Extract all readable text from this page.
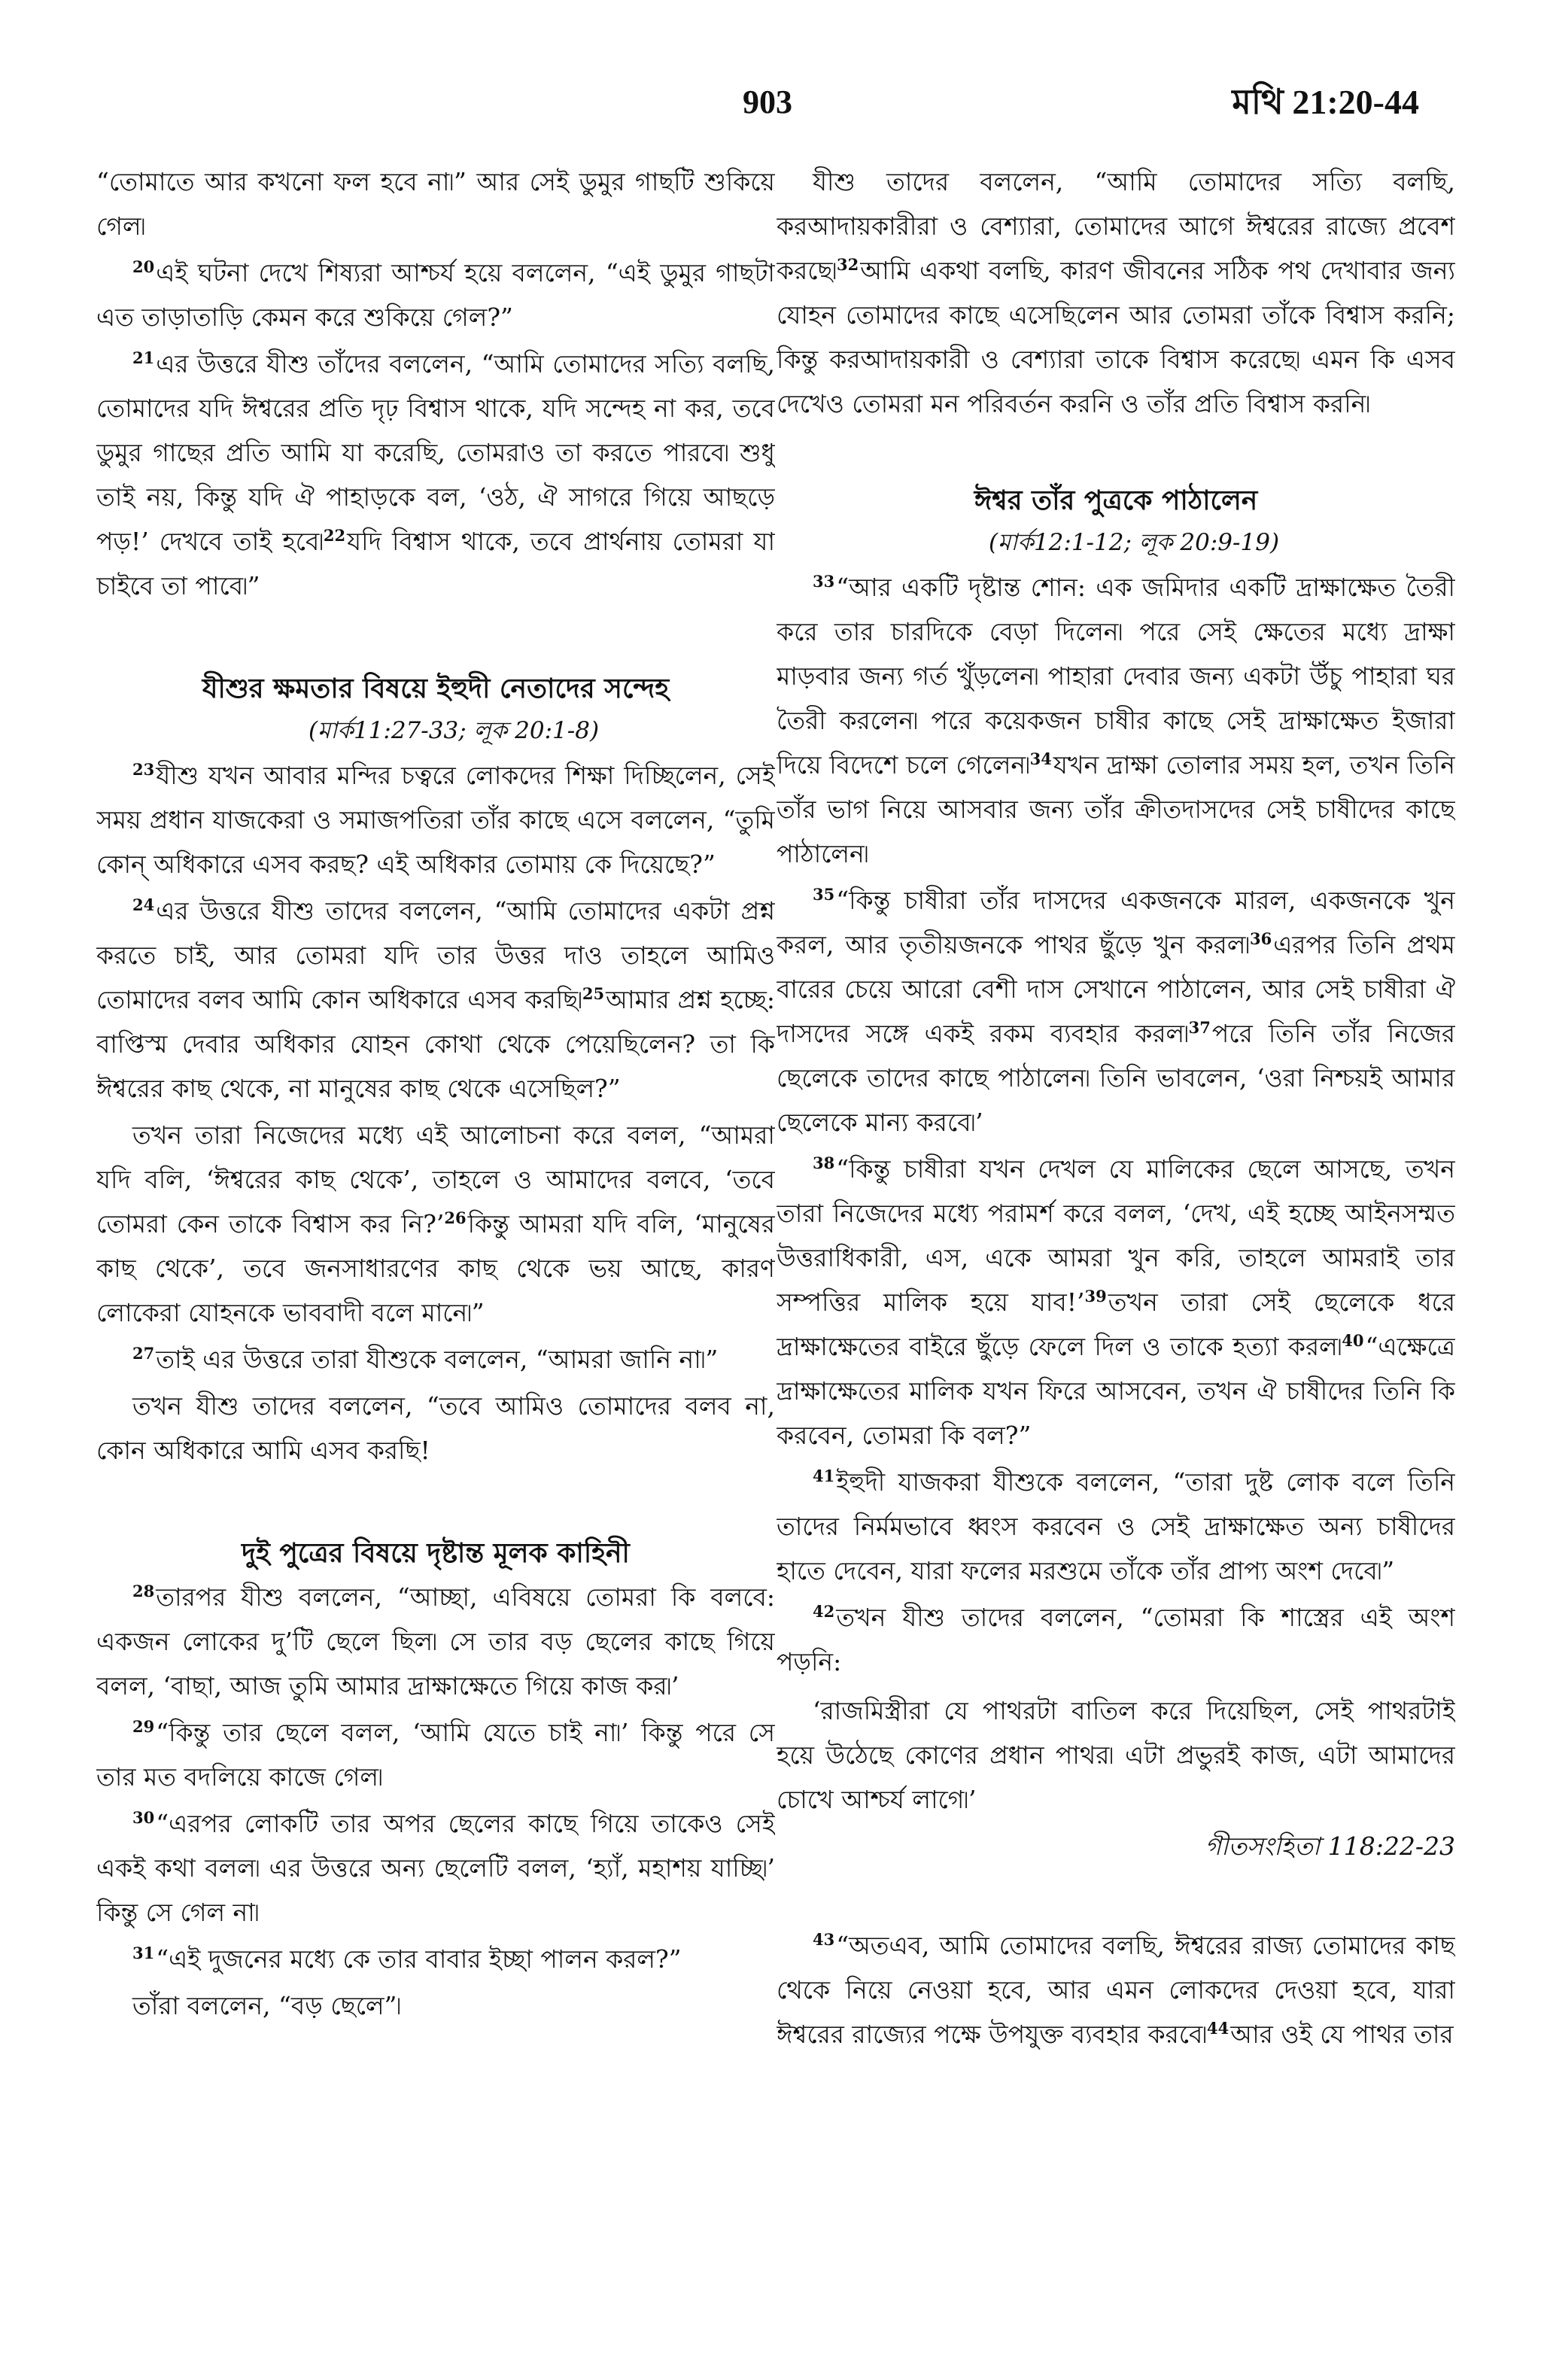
903	মথি 21:20-44

“তোমাতে আর কখনো ফল হবে না৷” আর সেই ডুমুর গাছটি শুকিয়ে গেল৷

$^{20}$এই ঘটনা দেখে শিষ্যরা আশ্চর্য হয়ে বললেন, “এই ডুমুর গাছটা এত তাড়াতাড়ি কেমন করে শুকিয়ে গেল?”

$^{21}$এর উত্তরে যীশু তাঁদের বললেন, “আমি তোমাদের সত্যি বলছি, তোমাদের যদি ঈশ্বরের প্রতি দৃঢ় বিশ্বাস থাকে, যদি সন্দেহ না কর, তবে ডুমুর গাছের প্রতি আমি যা করেছি, তোমরাও তা করতে পারবে৷ শুধু তাই নয়, কিন্তু যদি ঐ পাহাড়কে বল, ‘ওঠ, ঐ সাগরে গিয়ে আছড়ে পড়!’ দেখবে তাই হবে৷$^{22}$যদি বিশ্বাস থাকে, তবে প্রার্থনায় তোমরা যা চাইবে তা পাবে৷”

যীশুর ক্ষমতার বিষয়ে ইহুদী নেতাদের সন্দেহ

(মার্ক11:27-33; লূক 20:1-8)

$^{23}$যীশু যখন আবার মন্দির চত্বরে লোকদের শিক্ষা দিচ্ছিলেন, সেই সময় প্রধান যাজকেরা ও সমাজপতিরা তাঁর কাছে এসে বললেন, “তুমি কোন্ অধিকারে এসব করছ? এই অধিকার তোমায় কে দিয়েছে?”

$^{24}$এর উত্তরে যীশু তাদের বললেন, “আমি তোমাদের একটা প্রশ্ন করতে চাই, আর তোমরা যদি তার উত্তর দাও তাহলে আমিও তোমাদের বলব আমি কোন অধিকারে এসব করছি৷$^{25}$আমার প্রশ্ন হচ্ছে: বাপ্তিস্ম দেবার অধিকার যোহন কোথা থেকে পেয়েছিলেন? তা কি ঈশ্বরের কাছ থেকে, না মানুষের কাছ থেকে এসেছিল?”

তখন তারা নিজেদের মধ্যে এই আলোচনা করে বলল, “আমরা যদি বলি, ‘ঈশ্বরের কাছ থেকে’, তাহলে ও আমাদের বলবে, ‘তবে তোমরা কেন তাকে বিশ্বাস কর নি?’$^{26}$কিন্তু আমরা যদি বলি, ‘মানুষের কাছ থেকে’, তবে জনসাধারণের কাছ থেকে ভয় আছে, কারণ লোকেরা যোহনকে ভাববাদী বলে মানে৷”

$^{27}$তাই এর উত্তরে তারা যীশুকে বললেন, “আমরা জানি না৷”

তখন যীশু তাদের বললেন, “তবে আমিও তোমাদের বলব না, কোন অধিকারে আমি এসব করছি!

দুই পুত্রের বিষয়ে দৃষ্টান্ত মূলক কাহিনী

$^{28}$তারপর যীশু বললেন, “আচ্ছা, এবিষয়ে তোমরা কি বলবে: একজন লোকের দু’টি ছেলে ছিল৷ সে তার বড় ছেলের কাছে গিয়ে বলল, ‘বাছা, আজ তুমি আমার দ্রাক্ষাক্ষেতে গিয়ে কাজ কর৷’

$^{29}$“কিন্তু তার ছেলে বলল, ‘আমি যেতে চাই না৷’ কিন্তু পরে সে তার মত বদলিয়ে কাজে গেল৷

$^{30}$“এরপর লোকটি তার অপর ছেলের কাছে গিয়ে তাকেও সেই একই কথা বলল৷ এর উত্তরে অন্য ছেলেটি বলল, ‘হ্যাঁ, মহাশয় যাচ্ছি৷’ কিন্তু সে গেল না৷

$^{31}$“এই দুজনের মধ্যে কে তার বাবার ইচ্ছা পালন করল?”

তাঁরা বললেন, “বড় ছেলে”৷

যীশু তাদের বললেন, “আমি তোমাদের সত্যি বলছি, করআদায়কারীরা ও বেশ্যারা, তোমাদের আগে ঈশ্বরের রাজ্যে প্রবেশ করছে৷$^{32}$আমি একথা বলছি, কারণ জীবনের সঠিক পথ দেখাবার জন্য যোহন তোমাদের কাছে এসেছিলেন আর তোমরা তাঁকে বিশ্বাস করনি; কিন্তু করআদায়কারী ও বেশ্যারা তাকে বিশ্বাস করেছে৷ এমন কি এসব দেখেও তোমরা মন পরিবর্তন করনি ও তাঁর প্রতি বিশ্বাস করনি৷

ঈশ্বর তাঁর পুত্রকে পাঠালেন

(মার্ক12:1-12; লূক 20:9-19)

$^{33}$“আর একটি দৃষ্টান্ত শোন: এক জমিদার একটি দ্রাক্ষাক্ষেত তৈরী করে তার চারদিকে বেড়া দিলেন৷ পরে সেই ক্ষেতের মধ্যে দ্রাক্ষা মাড়বার জন্য গর্ত খুঁড়লেন৷ পাহারা দেবার জন্য একটা উঁচু পাহারা ঘর তৈরী করলেন৷ পরে কয়েকজন চাষীর কাছে সেই দ্রাক্ষাক্ষেত ইজারা দিয়ে বিদেশে চলে গেলেন৷$^{34}$যখন দ্রাক্ষা তোলার সময় হল, তখন তিনি তাঁর ভাগ নিয়ে আসবার জন্য তাঁর ক্রীতদাসদের সেই চাষীদের কাছে পাঠালেন৷

$^{35}$“কিন্তু চাষীরা তাঁর দাসদের একজনকে মারল, একজনকে খুন করল, আর তৃতীয়জনকে পাথর ছুঁড়ে খুন করল৷$^{36}$এরপর তিনি প্রথম বারের চেয়ে আরো বেশী দাস সেখানে পাঠালেন, আর সেই চাষীরা ঐ দাসদের সঙ্গে একই রকম ব্যবহার করল৷$^{37}$পরে তিনি তাঁর নিজের ছেলেকে তাদের কাছে পাঠালেন৷ তিনি ভাবলেন, ‘ওরা নিশ্চয়ই আমার ছেলেকে মান্য করবে৷’

$^{38}$“কিন্তু চাষীরা যখন দেখল যে মালিকের ছেলে আসছে, তখন তারা নিজেদের মধ্যে পরামর্শ করে বলল, ‘দেখ, এই হচ্ছে আইনসম্মত উত্তরাধিকারী, এস, একে আমরা খুন করি, তাহলে আমরাই তার সম্পত্তির মালিক হয়ে যাব!’$^{39}$তখন তারা সেই ছেলেকে ধরে দ্রাক্ষাক্ষেতের বাইরে ছুঁড়ে ফেলে দিল ও তাকে হত্যা করল৷$^{40}$“এক্ষেত্রে দ্রাক্ষাক্ষেতের মালিক যখন ফিরে আসবেন, তখন ঐ চাষীদের তিনি কি করবেন, তোমরা কি বল?”

$^{41}$ইহুদী যাজকরা যীশুকে বললেন, “তারা দুষ্ট লোক বলে তিনি তাদের নির্মমভাবে ধ্বংস করবেন ও সেই দ্রাক্ষাক্ষেত অন্য চাষীদের হাতে দেবেন, যারা ফলের মরশুমে তাঁকে তাঁর প্রাপ্য অংশ দেবে৷”

$^{42}$তখন যীশু তাদের বললেন, “তোমরা কি শাস্ত্রের এই অংশ পড়নি:

‘রাজমিস্ত্রীরা যে পাথরটা বাতিল করে দিয়েছিল, সেই পাথরটাই হয়ে উঠেছে কোণের প্রধান পাথর৷ এটা প্রভুরই কাজ, এটা আমাদের চোখে আশ্চর্য লাগে৷’

গীতসংহিতা 118:22-23

$^{43}$“অতএব, আমি তোমাদের বলছি, ঈশ্বরের রাজ্য তোমাদের কাছ থেকে নিয়ে নেওয়া হবে, আর এমন লোকদের দেওয়া হবে, যারা ঈশ্বরের রাজ্যের পক্ষে উপযুক্ত ব্যবহার করবে৷$^{44}$আর ওই যে পাথর তার
